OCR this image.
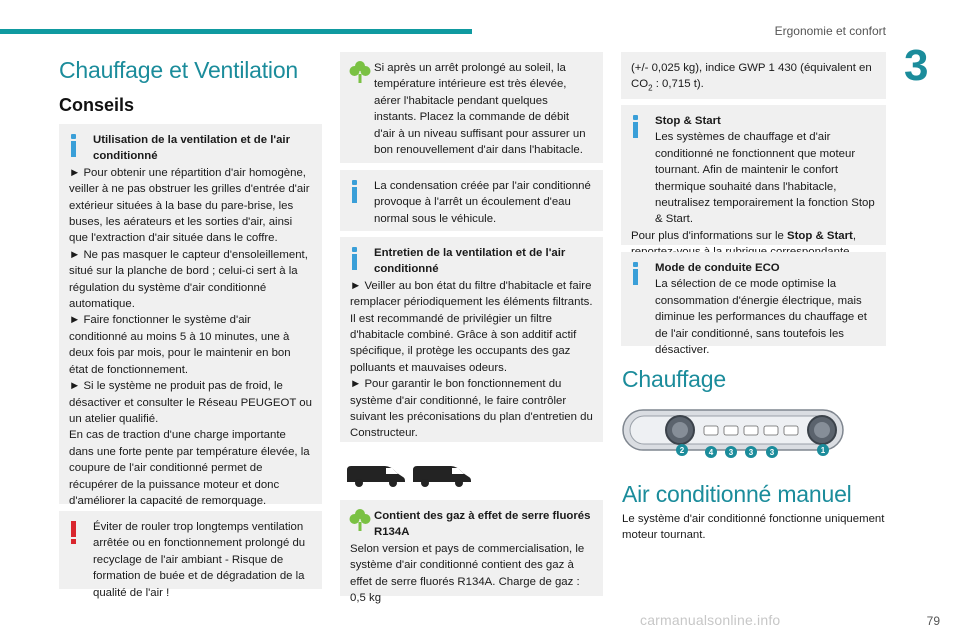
Ergonomie et confort
3
Chauffage et Ventilation
Conseils
Utilisation de la ventilation et de l'air conditionné
► Pour obtenir une répartition d'air homogène, veiller à ne pas obstruer les grilles d'entrée d'air extérieur situées à la base du pare-brise, les buses, les aérateurs et les sorties d'air, ainsi que l'extraction d'air située dans le coffre.
► Ne pas masquer le capteur d'ensoleillement, situé sur la planche de bord ; celui-ci sert à la régulation du système d'air conditionné automatique.
► Faire fonctionner le système d'air conditionné au moins 5 à 10 minutes, une à deux fois par mois, pour le maintenir en bon état de fonctionnement.
► Si le système ne produit pas de froid, le désactiver et consulter le Réseau PEUGEOT ou un atelier qualifié.
En cas de traction d'une charge importante dans une forte pente par température élevée, la coupure de l'air conditionné permet de récupérer de la puissance moteur et donc d'améliorer la capacité de remorquage.
Éviter de rouler trop longtemps ventilation arrêtée ou en fonctionnement prolongé du recyclage de l'air ambiant - Risque de formation de buée et de dégradation de la qualité de l'air !
Si après un arrêt prolongé au soleil, la température intérieure est très élevée, aérer l'habitacle pendant quelques instants. Placez la commande de débit d'air à un niveau suffisant pour assurer un bon renouvellement d'air dans l'habitacle.
La condensation créée par l'air conditionné provoque à l'arrêt un écoulement d'eau normal sous le véhicule.
Entretien de la ventilation et de l'air conditionné
► Veiller au bon état du filtre d'habitacle et faire remplacer périodiquement les éléments filtrants. Il est recommandé de privilégier un filtre d'habitacle combiné. Grâce à son additif actif spécifique, il protège les occupants des gaz polluants et mauvaises odeurs.
► Pour garantir le bon fonctionnement du système d'air conditionné, le faire contrôler suivant les préconisations du plan d'entretien du Constructeur.
Contient des gaz à effet de serre fluorés R134A
Selon version et pays de commercialisation, le système d'air conditionné contient des gaz à effet de serre fluorés R134A. Charge de gaz : 0,5 kg
(+/- 0,025 kg), indice GWP 1 430 (équivalent en $CO_2$ : 0,715 t).
Stop & Start
Les systèmes de chauffage et d'air conditionné ne fonctionnent que moteur tournant. Afin de maintenir le confort thermique souhaité dans l'habitacle, neutralisez temporairement la fonction Stop & Start.
Pour plus d'informations sur le Stop & Start,
Mode de conduite ECO
La sélection de ce mode optimise la consommation d'énergie électrique, mais diminue les performances du chauffage et de l'air conditionné, sans toutefois les désactiver.
Chauffage
2	4 3 3 3	1
Air conditionné manuel
Le système d'air conditionné fonctionne uniquement moteur tournant.
carmanualsonline.info	79
